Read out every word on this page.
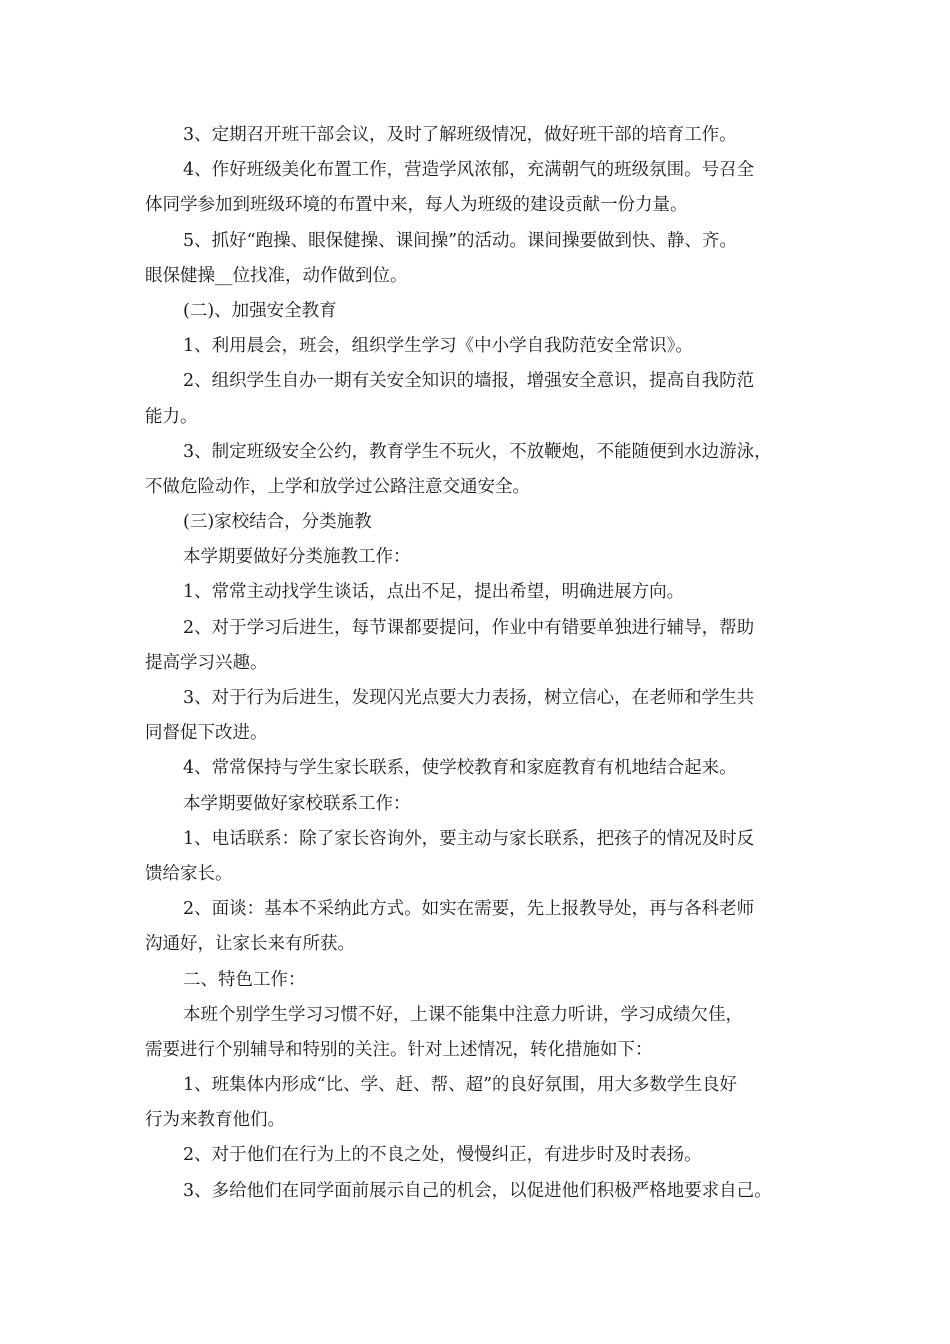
3、定期召开班干部会议，及时了解班级情况，做好班干部的培育工作。
4、作好班级美化布置工作，营造学风浓郁，充满朝气的班级氛围。号召全
体同学参加到班级环境的布置中来，每人为班级的建设贡献一份力量。
5、抓好“跑操、眼保健操、课间操”的活动。课间操要做到快、静、齐。
眼保健操__位找准，动作做到位。
(二)、加强安全教育
1、利用晨会，班会，组织学生学习《中小学自我防范安全常识》。
2、组织学生自办一期有关安全知识的墙报，增强安全意识，提高自我防范
能力。
3、制定班级安全公约，教育学生不玩火，不放鞭炮，不能随便到水边游泳，
不做危险动作，上学和放学过公路注意交通安全。
(三)家校结合，分类施教
本学期要做好分类施教工作：
1、常常主动找学生谈话，点出不足，提出希望，明确进展方向。
2、对于学习后进生，每节课都要提问，作业中有错要单独进行辅导，帮助
提高学习兴趣。
3、对于行为后进生，发现闪光点要大力表扬，树立信心，在老师和学生共
同督促下改进。
4、常常保持与学生家长联系，使学校教育和家庭教育有机地结合起来。
本学期要做好家校联系工作：
1、电话联系：除了家长咨询外，要主动与家长联系，把孩子的情况及时反
馈给家长。
2、面谈：基本不采纳此方式。如实在需要，先上报教导处，再与各科老师
沟通好，让家长来有所获。
二、特色工作：
本班个别学生学习习惯不好，上课不能集中注意力听讲，学习成绩欠佳，
需要进行个别辅导和特别的关注。针对上述情况，转化措施如下：
1、班集体内形成“比、学、赶、帮、超”的良好氛围，用大多数学生良好
行为来教育他们。
2、对于他们在行为上的不良之处，慢慢纠正，有进步时及时表扬。
3、多给他们在同学面前展示自己的机会，以促进他们积极严格地要求自己。
